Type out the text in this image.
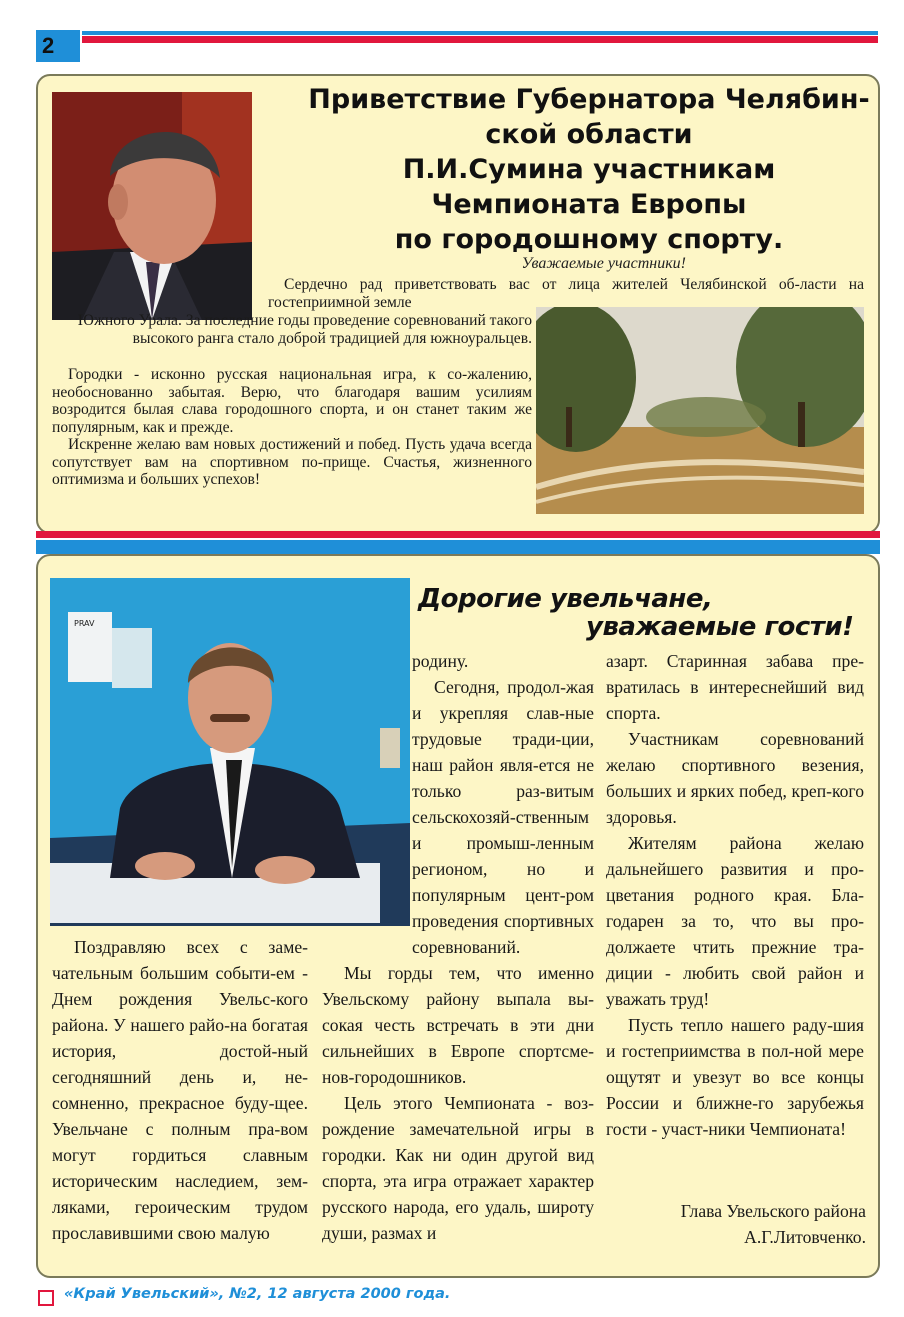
2
Приветствие Губернатора Челябин-
ской области
П.И.Сумина участникам
Чемпионата Европы
по городошному спорту.
Уважаемые участники!
Сердечно рад приветствовать вас от лица жителей Челябинской об-ласти на гостеприимной земле
Южного Урала. За последние годы проведение соревнований такого высокого ранга стало доброй традицией для южноуральцев.
Городки - исконно русская национальная игра, к со-жалению, необоснованно забытая. Верю, что благодаря вашим усилиям возродится былая слава городошного спорта, и он станет таким же популярным, как и прежде.
Искренне желаю вам новых достижений и побед. Пусть удача всегда сопутствует вам на спортивном по-прище. Счастья, жизненного оптимизма и больших успехов!
PRAV
Дорогие увельчане,
уважаемые гости!

Поздравляю всех с заме-чательным большим событи-ем - Днем рождения Увельс-кого района. У нашего райо-на богатая история, достой-ный сегодняшний день и, не-сомненно, прекрасное буду-щее. Увельчане с полным пра-вом могут гордиться славным историческим наследием, зем-ляками, героическим трудом прославившими свою малую

родину.

Сегодня, продол-жая и укрепляя слав-ные трудовые тради-ции, наш район явля-ется не только раз-витым сельскохозяй-ственным и промыш-ленным регионом, но и популярным цент-ром проведения спортивных соревнований.

Мы горды тем, что именно Увельскому району выпала вы-сокая честь встречать в эти дни сильнейших в Европе спортсме-нов-городошников.

Цель этого Чемпионата - воз-рождение замечательной игры в городки. Как ни один другой вид спорта, эта игра отражает характер русского народа, его удаль, широту души, размах и

азарт. Старинная забава пре-вратилась в интереснейший вид спорта.

Участникам соревнований желаю спортивного везения, больших и ярких побед, креп-кого здоровья.

Жителям района желаю дальнейшего развития и про-цветания родного края. Бла-годарен за то, что вы про-должаете чтить прежние тра-диции - любить свой район и уважать труд!

Пусть тепло нашего раду-шия и гостеприимства в пол-ной мере ощутят и увезут во все концы России и ближне-го зарубежья гости - участ-ники Чемпионата!

Глава Увельского района
А.Г.Литовченко.
«Край Увельский», №2, 12 августа 2000 года.
